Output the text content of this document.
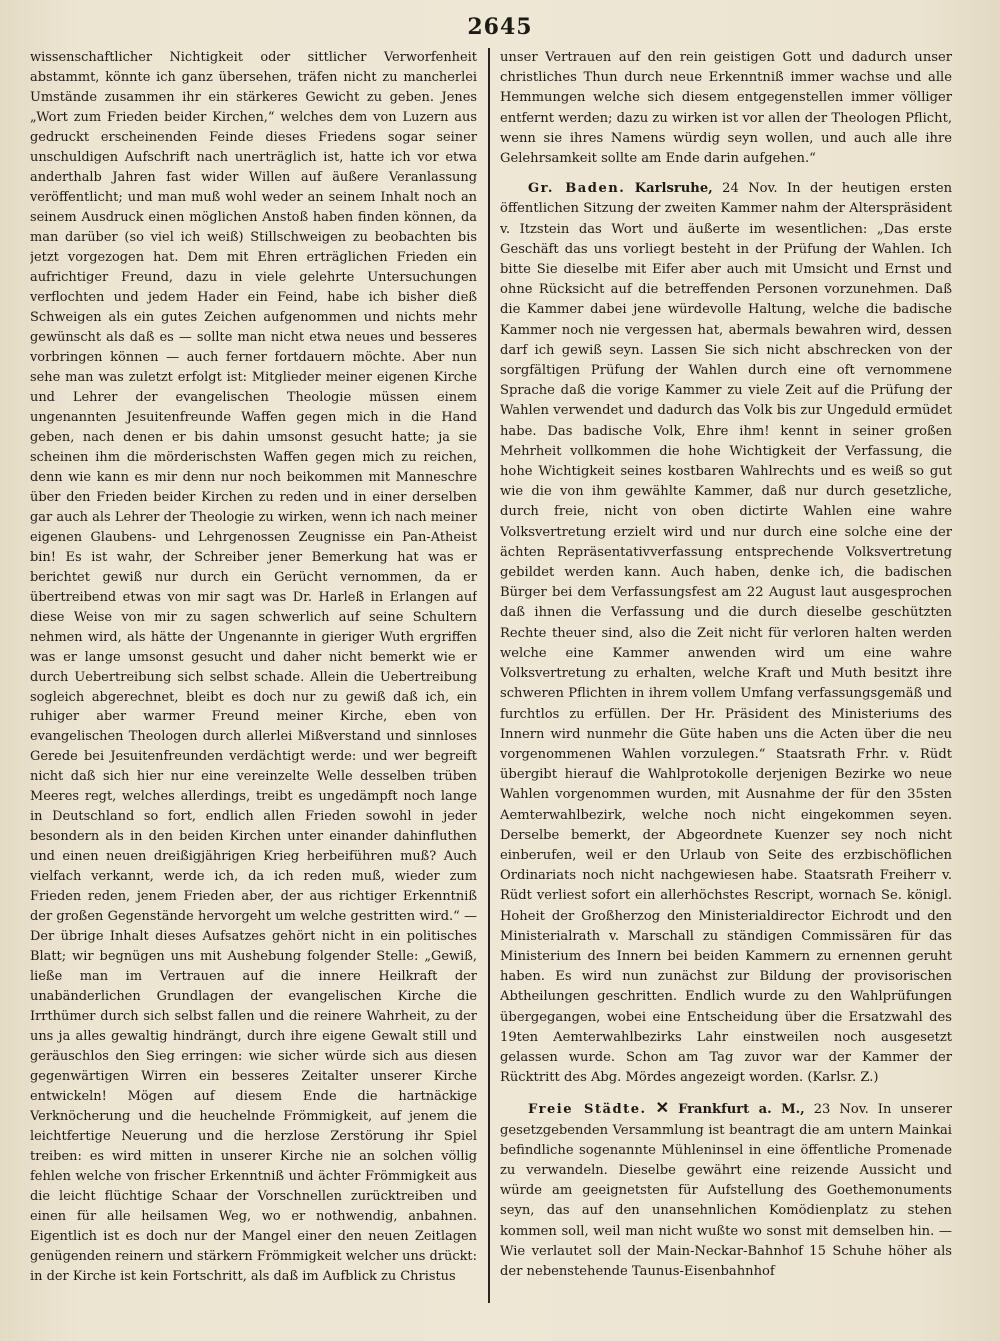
2645

wissenschaftlicher Nichtigkeit oder sittlicher Verworfenheit abstammt, könnte ich ganz übersehen, träfen nicht zu mancherlei Umstände zusammen ihr ein stärkeres Gewicht zu geben. Jenes „Wort zum Frieden beider Kirchen,“ welches dem von Luzern aus gedruckt erscheinenden Feinde dieses Friedens sogar seiner unschuldigen Aufschrift nach unerträglich ist, hatte ich vor etwa anderthalb Jahren fast wider Willen auf äußere Veranlassung veröffentlicht; und man muß wohl weder an seinem Inhalt noch an seinem Ausdruck einen möglichen Anstoß haben finden können, da man darüber (so viel ich weiß) Stillschweigen zu beobachten bis jetzt vorgezogen hat. Dem mit Ehren erträglichen Frieden ein aufrichtiger Freund, dazu in viele gelehrte Untersuchungen verflochten und jedem Hader ein Feind, habe ich bisher dieß Schweigen als ein gutes Zeichen aufgenommen und nichts mehr gewünscht als daß es — sollte man nicht etwa neues und besseres vorbringen können — auch ferner fortdauern möchte. Aber nun sehe man was zuletzt erfolgt ist: Mitglieder meiner eigenen Kirche und Lehrer der evangelischen Theologie müssen einem ungenannten Jesuitenfreunde Waffen gegen mich in die Hand geben, nach denen er bis dahin umsonst gesucht hatte; ja sie scheinen ihm die mörderischsten Waffen gegen mich zu reichen, denn wie kann es mir denn nur noch beikommen mit Manneschre über den Frieden beider Kirchen zu reden und in einer derselben gar auch als Lehrer der Theologie zu wirken, wenn ich nach meiner eigenen Glaubens- und Lehrgenossen Zeugnisse ein Pan-Atheist bin! Es ist wahr, der Schreiber jener Bemerkung hat was er berichtet gewiß nur durch ein Gerücht vernommen, da er übertreibend etwas von mir sagt was Dr. Harleß in Erlangen auf diese Weise von mir zu sagen schwerlich auf seine Schultern nehmen wird, als hätte der Ungenannte in gieriger Wuth ergriffen was er lange umsonst gesucht und daher nicht bemerkt wie er durch Uebertreibung sich selbst schade. Allein die Uebertreibung sogleich abgerechnet, bleibt es doch nur zu gewiß daß ich, ein ruhiger aber warmer Freund meiner Kirche, eben von evangelischen Theologen durch allerlei Mißverstand und sinnloses Gerede bei Jesuitenfreunden verdächtigt werde: und wer begreift nicht daß sich hier nur eine vereinzelte Welle desselben trüben Meeres regt, welches allerdings, treibt es ungedämpft noch lange in Deutschland so fort, endlich allen Frieden sowohl in jeder besondern als in den beiden Kirchen unter einander dahinfluthen und einen neuen dreißigjährigen Krieg herbeiführen muß? Auch vielfach verkannt, werde ich, da ich reden muß, wieder zum Frieden reden, jenem Frieden aber, der aus richtiger Erkenntniß der großen Gegenstände hervorgeht um welche gestritten wird.“ — Der übrige Inhalt dieses Aufsatzes gehört nicht in ein politisches Blatt; wir begnügen uns mit Aushebung folgender Stelle: „Gewiß, ließe man im Vertrauen auf die innere Heilkraft der unabänderlichen Grundlagen der evangelischen Kirche die Irrthümer durch sich selbst fallen und die reinere Wahrheit, zu der uns ja alles gewaltig hindrängt, durch ihre eigene Gewalt still und geräuschlos den Sieg erringen: wie sicher würde sich aus diesen gegenwärtigen Wirren ein besseres Zeitalter unserer Kirche entwickeln! Mögen auf diesem Ende die hartnäckige Verknöcherung und die heuchelnde Frömmigkeit, auf jenem die leichtfertige Neuerung und die herzlose Zerstörung ihr Spiel treiben: es wird mitten in unserer Kirche nie an solchen völlig fehlen welche von frischer Erkenntniß und ächter Frömmigkeit aus die leicht flüchtige Schaar der Vorschnellen zurücktreiben und einen für alle heilsamen Weg, wo er nothwendig, anbahnen. Eigentlich ist es doch nur der Mangel einer den neuen Zeitlagen genügenden reinern und stärkern Frömmigkeit welcher uns drückt: in der Kirche ist kein Fortschritt, als daß im Aufblick zu Christus

unser Vertrauen auf den rein geistigen Gott und dadurch unser christliches Thun durch neue Erkenntniß immer wachse und alle Hemmungen welche sich diesem entgegenstellen immer völliger entfernt werden; dazu zu wirken ist vor allen der Theologen Pflicht, wenn sie ihres Namens würdig seyn wollen, und auch alle ihre Gelehrsamkeit sollte am Ende darin aufgehen.“

Gr. Baden. Karlsruhe, 24 Nov. In der heutigen ersten öffentlichen Sitzung der zweiten Kammer nahm der Alterspräsident v. Itzstein das Wort und äußerte im wesentlichen: „Das erste Geschäft das uns vorliegt besteht in der Prüfung der Wahlen. Ich bitte Sie dieselbe mit Eifer aber auch mit Umsicht und Ernst und ohne Rücksicht auf die betreffenden Personen vorzunehmen. Daß die Kammer dabei jene würdevolle Haltung, welche die badische Kammer noch nie vergessen hat, abermals bewahren wird, dessen darf ich gewiß seyn. Lassen Sie sich nicht abschrecken von der sorgfältigen Prüfung der Wahlen durch eine oft vernommene Sprache daß die vorige Kammer zu viele Zeit auf die Prüfung der Wahlen verwendet und dadurch das Volk bis zur Ungeduld ermüdet habe. Das badische Volk, Ehre ihm! kennt in seiner großen Mehrheit vollkommen die hohe Wichtigkeit der Verfassung, die hohe Wichtigkeit seines kostbaren Wahlrechts und es weiß so gut wie die von ihm gewählte Kammer, daß nur durch gesetzliche, durch freie, nicht von oben dictirte Wahlen eine wahre Volksvertretung erzielt wird und nur durch eine solche eine der ächten Repräsentativverfassung entsprechende Volksvertretung gebildet werden kann. Auch haben, denke ich, die badischen Bürger bei dem Verfassungsfest am 22 August laut ausgesprochen daß ihnen die Verfassung und die durch dieselbe geschützten Rechte theuer sind, also die Zeit nicht für verloren halten werden welche eine Kammer anwenden wird um eine wahre Volksvertretung zu erhalten, welche Kraft und Muth besitzt ihre schweren Pflichten in ihrem vollem Umfang verfassungsgemäß und furchtlos zu erfüllen. Der Hr. Präsident des Ministeriums des Innern wird nunmehr die Güte haben uns die Acten über die neu vorgenommenen Wahlen vorzulegen.“ Staatsrath Frhr. v. Rüdt übergibt hierauf die Wahlprotokolle derjenigen Bezirke wo neue Wahlen vorgenommen wurden, mit Ausnahme der für den 35sten Aemterwahlbezirk, welche noch nicht eingekommen seyen. Derselbe bemerkt, der Abgeordnete Kuenzer sey noch nicht einberufen, weil er den Urlaub von Seite des erzbischöflichen Ordinariats noch nicht nachgewiesen habe. Staatsrath Freiherr v. Rüdt verliest sofort ein allerhöchstes Rescript, wornach Se. königl. Hoheit der Großherzog den Ministerialdirector Eichrodt und den Ministerialrath v. Marschall zu ständigen Commissären für das Ministerium des Innern bei beiden Kammern zu ernennen geruht haben. Es wird nun zunächst zur Bildung der provisorischen Abtheilungen geschritten. Endlich wurde zu den Wahlprüfungen übergegangen, wobei eine Entscheidung über die Ersatzwahl des 19ten Aemterwahlbezirks Lahr einstweilen noch ausgesetzt gelassen wurde. Schon am Tag zuvor war der Kammer der Rücktritt des Abg. Mördes angezeigt worden. (Karlsr. Z.)

Freie Städte. ✕ Frankfurt a. M., 23 Nov. In unserer gesetzgebenden Versammlung ist beantragt die am untern Mainkai befindliche sogenannte Mühleninsel in eine öffentliche Promenade zu verwandeln. Dieselbe gewährt eine reizende Aussicht und würde am geeignetsten für Aufstellung des Goethemonuments seyn, das auf den unansehnlichen Komödienplatz zu stehen kommen soll, weil man nicht wußte wo sonst mit demselben hin. — Wie verlautet soll der Main-Neckar-Bahnhof 15 Schuhe höher als der nebenstehende Taunus-Eisenbahnhof
